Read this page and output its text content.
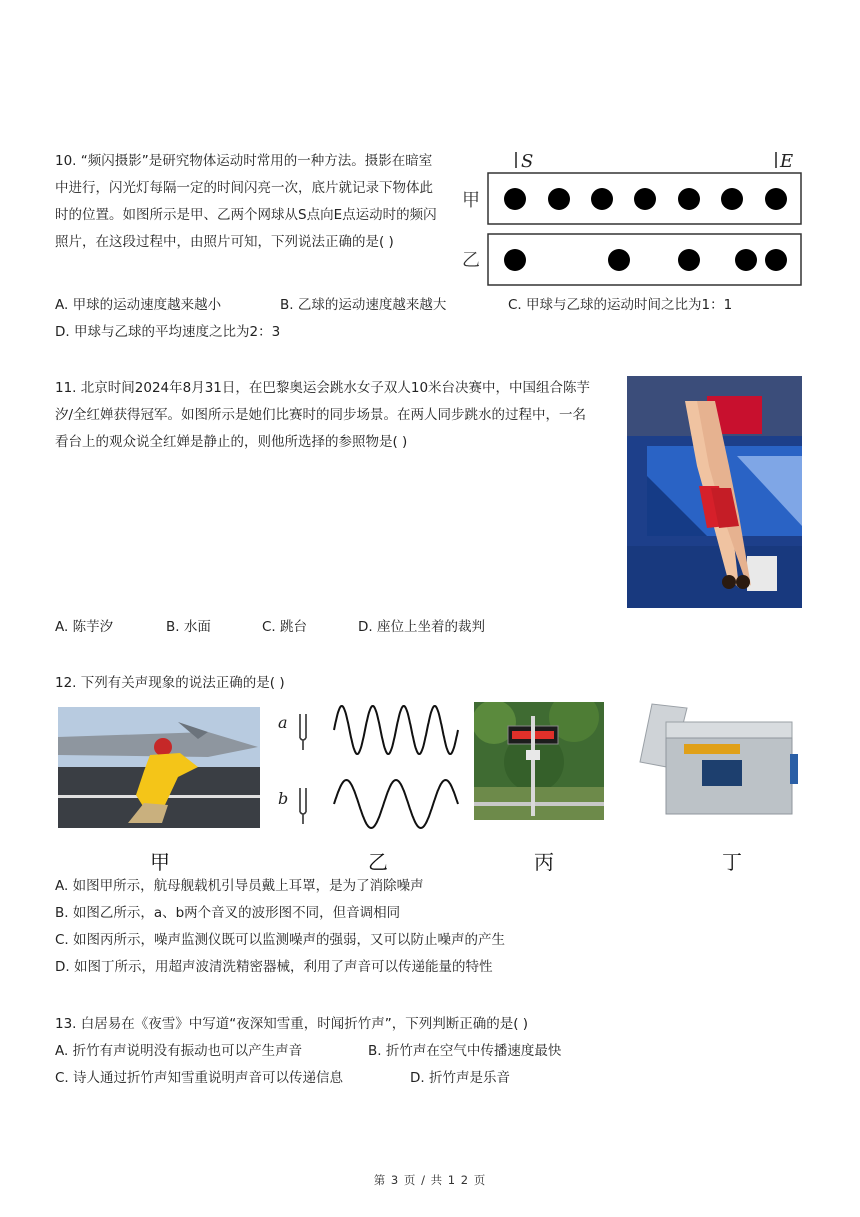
10. “频闪摄影”是研究物体运动时常用的一种方法。摄影在暗室
中进行，闪光灯每隔一定的时间闪亮一次，底片就记录下物体此
时的位置。如图所示是甲、乙两个网球从S点向E点运动时的频闪
照片，在这段过程中，由照片可知，下列说法正确的是( )
S	E
甲
乙
A. 甲球的运动速度越来越小	B. 乙球的运动速度越来越大	C. 甲球与乙球的运动时间之比为1：1
D. 甲球与乙球的平均速度之比为2：3
11. 北京时间2024年8月31日，在巴黎奥运会跳水女子双人10米台决赛中，中国组合陈芋
汐/全红婵获得冠军。如图所示是她们比赛时的同步场景。在两人同步跳水的过程中，一名
看台上的观众说全红婵是静止的，则他所选择的参照物是( )
A. 陈芋汐	B. 水面	C. 跳台	D. 座位上坐着的裁判
12. 下列有关声现象的说法正确的是( )
a
b
甲	乙	丙	丁
A. 如图甲所示，航母舰载机引导员戴上耳罩，是为了消除噪声
B. 如图乙所示，a、b两个音叉的波形图不同，但音调相同
C. 如图丙所示，噪声监测仪既可以监测噪声的强弱，又可以防止噪声的产生
D. 如图丁所示，用超声波清洗精密器械，利用了声音可以传递能量的特性
13. 白居易在《夜雪》中写道“夜深知雪重，时闻折竹声”，下列判断正确的是( )
A. 折竹有声说明没有振动也可以产生声音	B. 折竹声在空气中传播速度最快
C. 诗人通过折竹声知雪重说明声音可以传递信息	D. 折竹声是乐音
第 3 页 / 共 1 2 页
